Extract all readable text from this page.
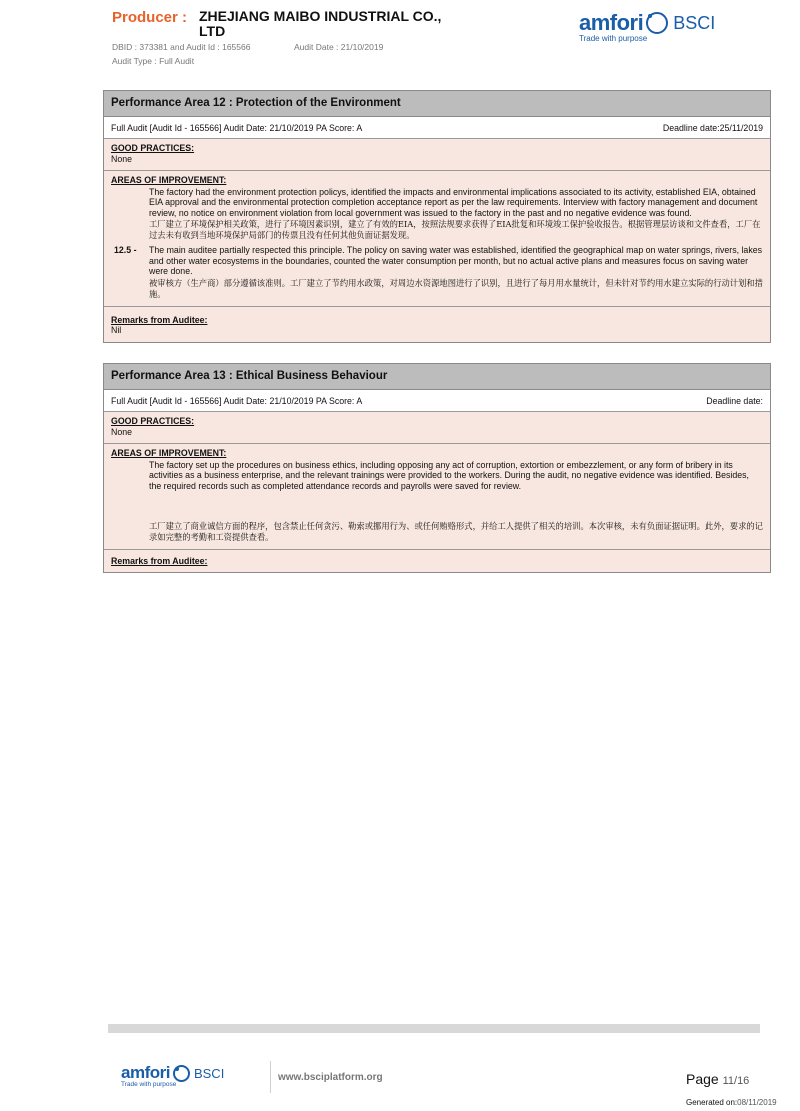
Producer : ZHEJIANG MAIBO INDUSTRIAL CO., LTD
DBID : 373381 and Audit Id : 165566	Audit Date : 21/10/2019
Audit Type : Full Audit
amfori BSCI
Trade with purpose
Performance Area 12 : Protection of the Environment
Full Audit [Audit Id - 165566] Audit Date: 21/10/2019 PA Score: A	Deadline date:25/11/2019
GOOD PRACTICES:
None
AREAS OF IMPROVEMENT:
The factory had the environment protection policys, identified the impacts and environmental implications associated to its activity, established EIA, obtained EIA approval and the environmental protection completion acceptance report as per the law requirements. Interview with factory management and document review, no notice on environment violation from local government was issued to the factory in the past and no negative evidence was found.
工厂建立了环境保护相关政策，进行了环境因素识别，建立了有效的EIA，按照法规要求获得了EIA批复和环境竣工保护验收报告。根据管理层访谈和文件查看，工厂在过去未有收到当地环境保护局部门的传票且没有任何其他负面证据发现。
12.5 -	The main auditee partially respected this principle. The policy on saving water was established, identified the geographical map on water springs, rivers, lakes and other water ecosystems in the boundaries, counted the water consumption per month, but no actual active plans and measures focus on saving water were done.
被审核方（生产商）部分遵循该准则。工厂建立了节约用水政策，对周边水资源地图进行了识别，且进行了每月用水量统计，但未针对节约用水建立实际的行动计划和措施。
Remarks from Auditee:
Nil
Performance Area 13 : Ethical Business Behaviour
Full Audit [Audit Id - 165566] Audit Date: 21/10/2019 PA Score: A	Deadline date:
GOOD PRACTICES:
None
AREAS OF IMPROVEMENT:
The factory set up the procedures on business ethics, including opposing any act of corruption, extortion or embezzlement, or any form of bribery in its activities as a business enterprise, and the relevant trainings were provided to the workers. During the audit, no negative evidence was identified. Besides, the required records such as completed attendance records and payrolls were saved for review.
工厂建立了商业诚信方面的程序，包含禁止任何贪污、勒索或挪用行为、或任何贿赂形式，并给工人提供了相关的培训。本次审核，未有负面证据证明。此外，要求的记录如完整的考勤和工资提供查看。
Remarks from Auditee:
amfori BSCI
Trade with purpose
www.bsciplatform.org	Page 11/16
Generated on:08/11/2019
